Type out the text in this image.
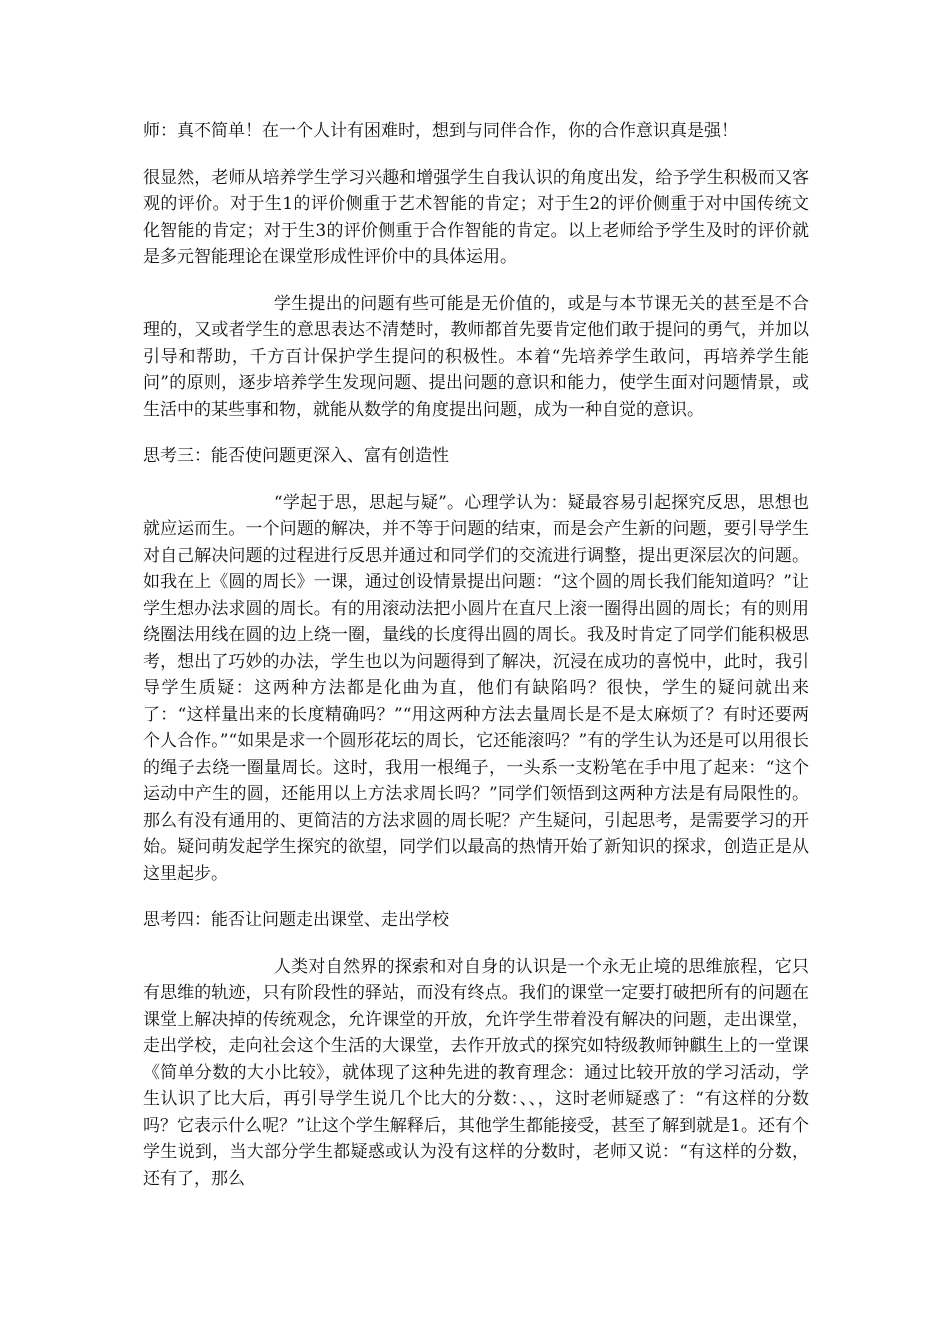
师：真不简单！在一个人计有困难时，想到与同伴合作，你的合作意识真是强！

很显然，老师从培养学生学习兴趣和增强学生自我认识的角度出发，给予学生积极而又客观的评价。对于生1的评价侧重于艺术智能的肯定；对于生2的评价侧重于对中国传统文化智能的肯定；对于生3的评价侧重于合作智能的肯定。以上老师给予学生及时的评价就是多元智能理论在课堂形成性评价中的具体运用。

学生提出的问题有些可能是无价值的，或是与本节课无关的甚至是不合理的，又或者学生的意思表达不清楚时，教师都首先要肯定他们敢于提问的勇气，并加以引导和帮助，千方百计保护学生提问的积极性。本着“先培养学生敢问，再培养学生能问”的原则，逐步培养学生发现问题、提出问题的意识和能力，使学生面对问题情景，或生活中的某些事和物，就能从数学的角度提出问题，成为一种自觉的意识。

思考三：能否使问题更深入、富有创造性

“学起于思，思起与疑”。心理学认为：疑最容易引起探究反思，思想也就应运而生。一个问题的解决，并不等于问题的结束，而是会产生新的问题，要引导学生对自己解决问题的过程进行反思并通过和同学们的交流进行调整，提出更深层次的问题。如我在上《圆的周长》一课，通过创设情景提出问题：“这个圆的周长我们能知道吗？”让学生想办法求圆的周长。有的用滚动法把小圆片在直尺上滚一圈得出圆的周长；有的则用绕圈法用线在圆的边上绕一圈，量线的长度得出圆的周长。我及时肯定了同学们能积极思考，想出了巧妙的办法，学生也以为问题得到了解决，沉浸在成功的喜悦中，此时，我引导学生质疑：这两种方法都是化曲为直，他们有缺陷吗？很快，学生的疑问就出来了：“这样量出来的长度精确吗？”“用这两种方法去量周长是不是太麻烦了？有时还要两个人合作。”“如果是求一个圆形花坛的周长，它还能滚吗？”有的学生认为还是可以用很长的绳子去绕一圈量周长。这时，我用一根绳子，一头系一支粉笔在手中甩了起来：“这个运动中产生的圆，还能用以上方法求周长吗？”同学们领悟到这两种方法是有局限性的。那么有没有通用的、更简洁的方法求圆的周长呢？产生疑问，引起思考，是需要学习的开始。疑问萌发起学生探究的欲望，同学们以最高的热情开始了新知识的探求，创造正是从这里起步。

思考四：能否让问题走出课堂、走出学校

人类对自然界的探索和对自身的认识是一个永无止境的思维旅程，它只有思维的轨迹，只有阶段性的驿站，而没有终点。我们的课堂一定要打破把所有的问题在课堂上解决掉的传统观念，允许课堂的开放，允许学生带着没有解决的问题，走出课堂，走出学校，走向社会这个生活的大课堂，去作开放式的探究如特级教师钟麒生上的一堂课《简单分数的大小比较》，就体现了这种先进的教育理念：通过比较开放的学习活动，学生认识了比大后，再引导学生说几个比大的分数：、、，这时老师疑惑了：“有这样的分数吗？它表示什么呢？”让这个学生解释后，其他学生都能接受，甚至了解到就是1。还有个学生说到，当大部分学生都疑惑或认为没有这样的分数时，老师又说：“有这样的分数，还有了，那么
